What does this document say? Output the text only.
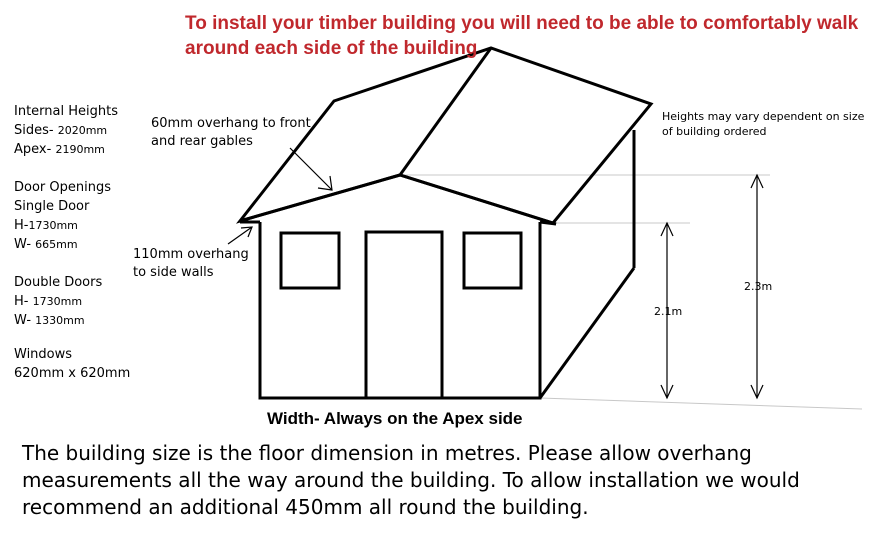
To install your timber building you will need to be able to comfortably walk
around each side of the building
Internal Heights
Sides- 2020mm
Apex- 2190mm
Door Openings
Single Door
H-1730mm
W- 665mm
Double Doors
H- 1730mm
W- 1330mm
Windows
620mm x 620mm
60mm overhang to front
and rear gables
110mm overhang
to side walls
Heights may vary dependent on size
of building ordered
2.1m
2.3m
Width- Always on the Apex side
The building size is the floor dimension in metres. Please allow overhang measurements all the way around the building. To allow installation we would recommend an additional 450mm all round the building.
